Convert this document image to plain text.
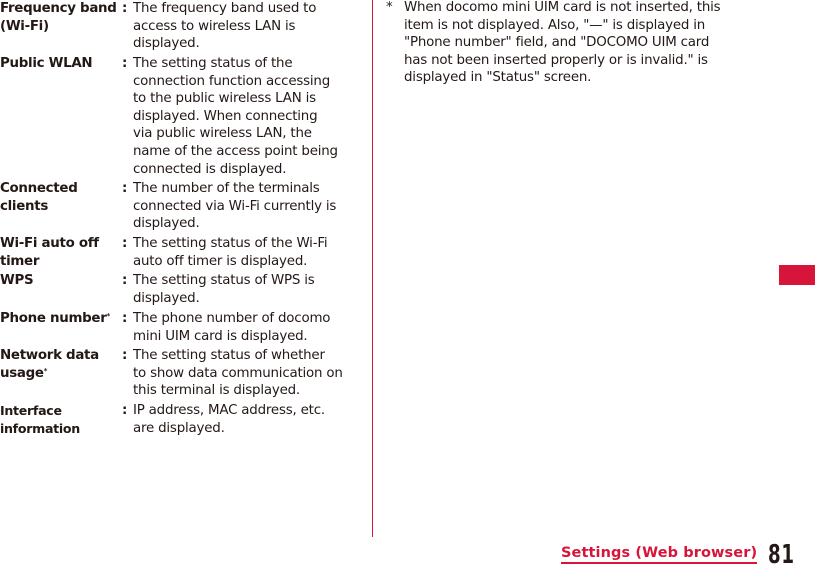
Frequency band
(Wi-Fi)
: The frequency band used to
access to wireless LAN is
displayed.
Public WLAN	: The setting status of the
connection function accessing
to the public wireless LAN is
displayed. When connecting
via public wireless LAN, the
name of the access point being
connected is displayed.
Connected
clients
: The number of the terminals
connected via Wi-Fi currently is
displayed.
Wi-Fi auto off
timer
: The setting status of the Wi-Fi
auto off timer is displayed.
WPS	: The setting status of WPS is
displayed.
Phone number* : The phone number of docomo
mini UIM card is displayed.
Network data
usage*
: The setting status of whether
to show data communication on
this terminal is displayed.
Interface
information
: IP address, MAC address, etc.
are displayed.
* When docomo mini UIM card is not inserted, this
item is not displayed. Also, "—" is displayed in
"Phone number" field, and "DOCOMO UIM card
has not been inserted properly or is invalid." is
displayed in "Status" screen.
Settings (Web browser) 81
